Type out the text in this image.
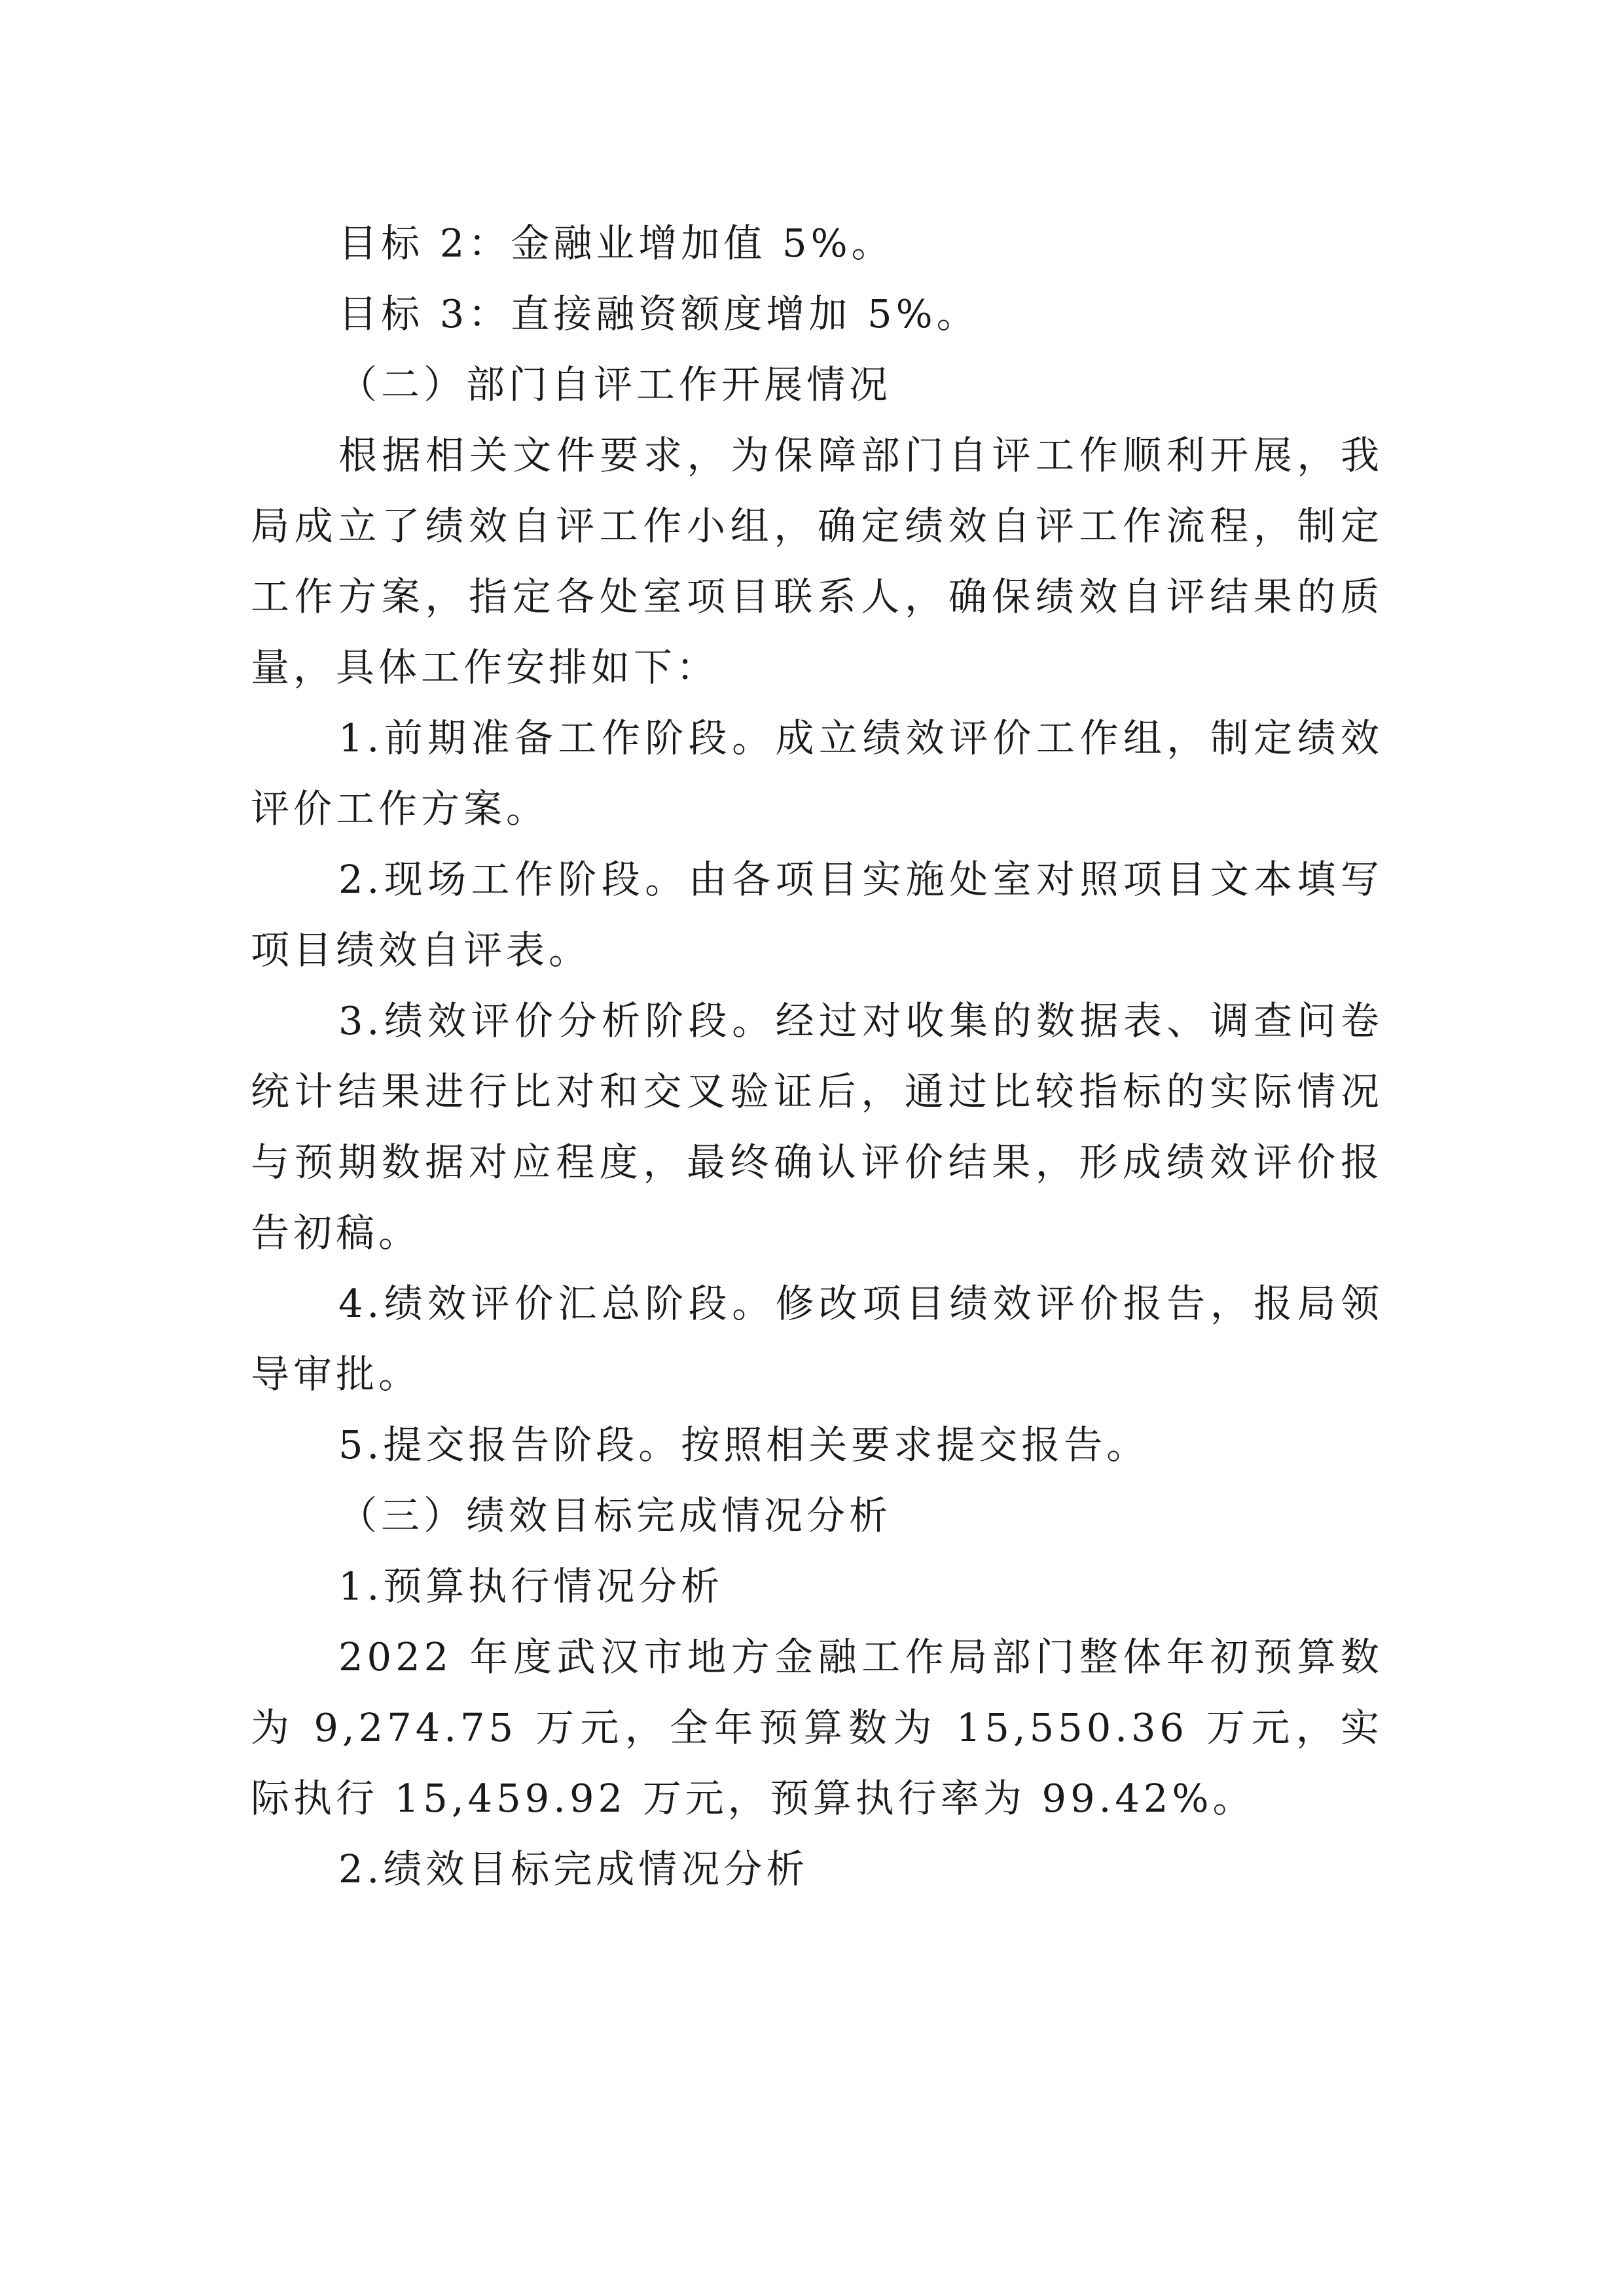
目标 2：金融业增加值 5%。

目标 3：直接融资额度增加 5%。

（二）部门自评工作开展情况

根据相关文件要求，为保障部门自评工作顺利开展，我局成立了绩效自评工作小组，确定绩效自评工作流程，制定工作方案，指定各处室项目联系人，确保绩效自评结果的质量，具体工作安排如下：

1.前期准备工作阶段。成立绩效评价工作组，制定绩效评价工作方案。

2.现场工作阶段。由各项目实施处室对照项目文本填写项目绩效自评表。

3.绩效评价分析阶段。经过对收集的数据表、调查问卷统计结果进行比对和交叉验证后，通过比较指标的实际情况与预期数据对应程度，最终确认评价结果，形成绩效评价报告初稿。

4.绩效评价汇总阶段。修改项目绩效评价报告，报局领导审批。

5.提交报告阶段。按照相关要求提交报告。

（三）绩效目标完成情况分析

1.预算执行情况分析

2022 年度武汉市地方金融工作局部门整体年初预算数为 9,274.75 万元，全年预算数为 15,550.36 万元，实际执行 15,459.92 万元，预算执行率为 99.42%。

2.绩效目标完成情况分析
